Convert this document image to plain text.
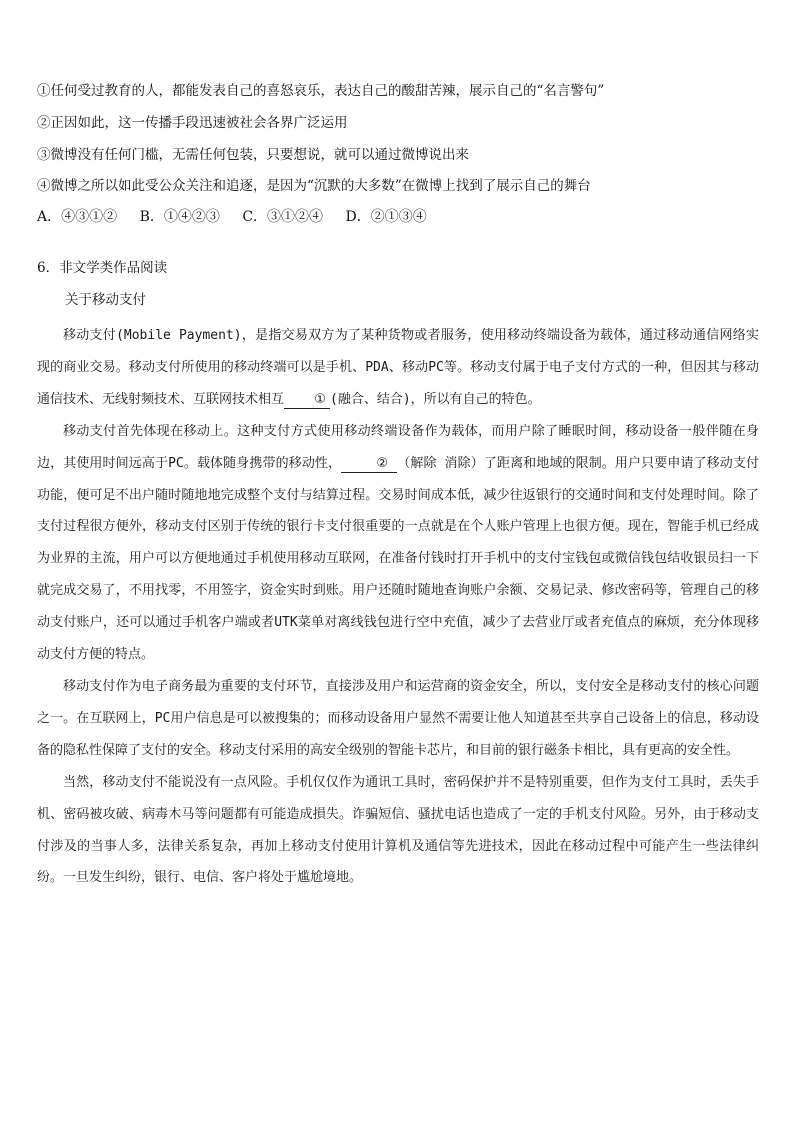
①任何受过教育的人，都能发表自己的喜怒哀乐，表达自己的酸甜苦辣，展示自己的“名言警句”
②正因如此，这一传播手段迅速被社会各界广泛运用
③微博没有任何门槛，无需任何包装，只要想说，就可以通过微博说出来
④微博之所以如此受公众关注和追逐，是因为“沉默的大多数”在微博上找到了展示自己的舞台
A．④③①② B．①④②③ C．③①②④ D．②①③④
6．非文学类作品阅读
关于移动支付

移动支付(Mobile Payment)，是指交易双方为了某种货物或者服务，使用移动终端设备为载体，通过移动通信网络实现的商业交易。移动支付所使用的移动终端可以是手机、PDA、移动PC等。移动支付属于电子支付方式的一种，但因其与移动通信技术、无线射频技术、互联网技术相互 ① (融合、结合)，所以有自己的特色。

移动支付首先体现在移动上。这种支付方式使用移动终端设备作为载体，而用户除了睡眠时间，移动设备一般伴随在身边，其使用时间远高于PC。载体随身携带的移动性，	② （解除 消除）了距离和地域的限制。用户只要申请了移动支付功能，便可足不出户随时随地地完成整个支付与结算过程。交易时间成本低，减少往返银行的交通时间和支付处理时间。除了支付过程很方便外，移动支付区别于传统的银行卡支付很重要的一点就是在个人账户管理上也很方便。现在，智能手机已经成为业界的主流，用户可以方便地通过手机使用移动互联网，在准备付钱时打开手机中的支付宝钱包或微信钱包结收银员扫一下就完成交易了，不用找零，不用签字，资金实时到账。用户还随时随地查询账户余额、交易记录、修改密码等，管理自己的移动支付账户，还可以通过手机客户端或者UTK菜单对离线钱包进行空中充值，减少了去营业厅或者充值点的麻烦，充分体现移动支付方便的特点。

移动支付作为电子商务最为重要的支付环节，直接涉及用户和运营商的资金安全，所以，支付安全是移动支付的核心问题之一。在互联网上，PC用户信息是可以被搜集的；而移动设备用户显然不需要让他人知道甚至共享自己设备上的信息，移动设备的隐私性保障了支付的安全。移动支付采用的高安全级别的智能卡芯片，和目前的银行磁条卡相比，具有更高的安全性。

当然，移动支付不能说没有一点风险。手机仅仅作为通讯工具时，密码保护并不是特别重要，但作为支付工具时，丢失手机、密码被攻破、病毒木马等问题都有可能造成損失。诈骗短信、骚扰电话也造成了一定的手机支付风险。另外，由于移动支付涉及的当事人多，法律关系复杂，再加上移动支付使用计算机及通信等先进技术，因此在移动过程中可能产生一些法律纠纷。一旦发生纠纷，银行、电信、客户将处于尴尬境地。
